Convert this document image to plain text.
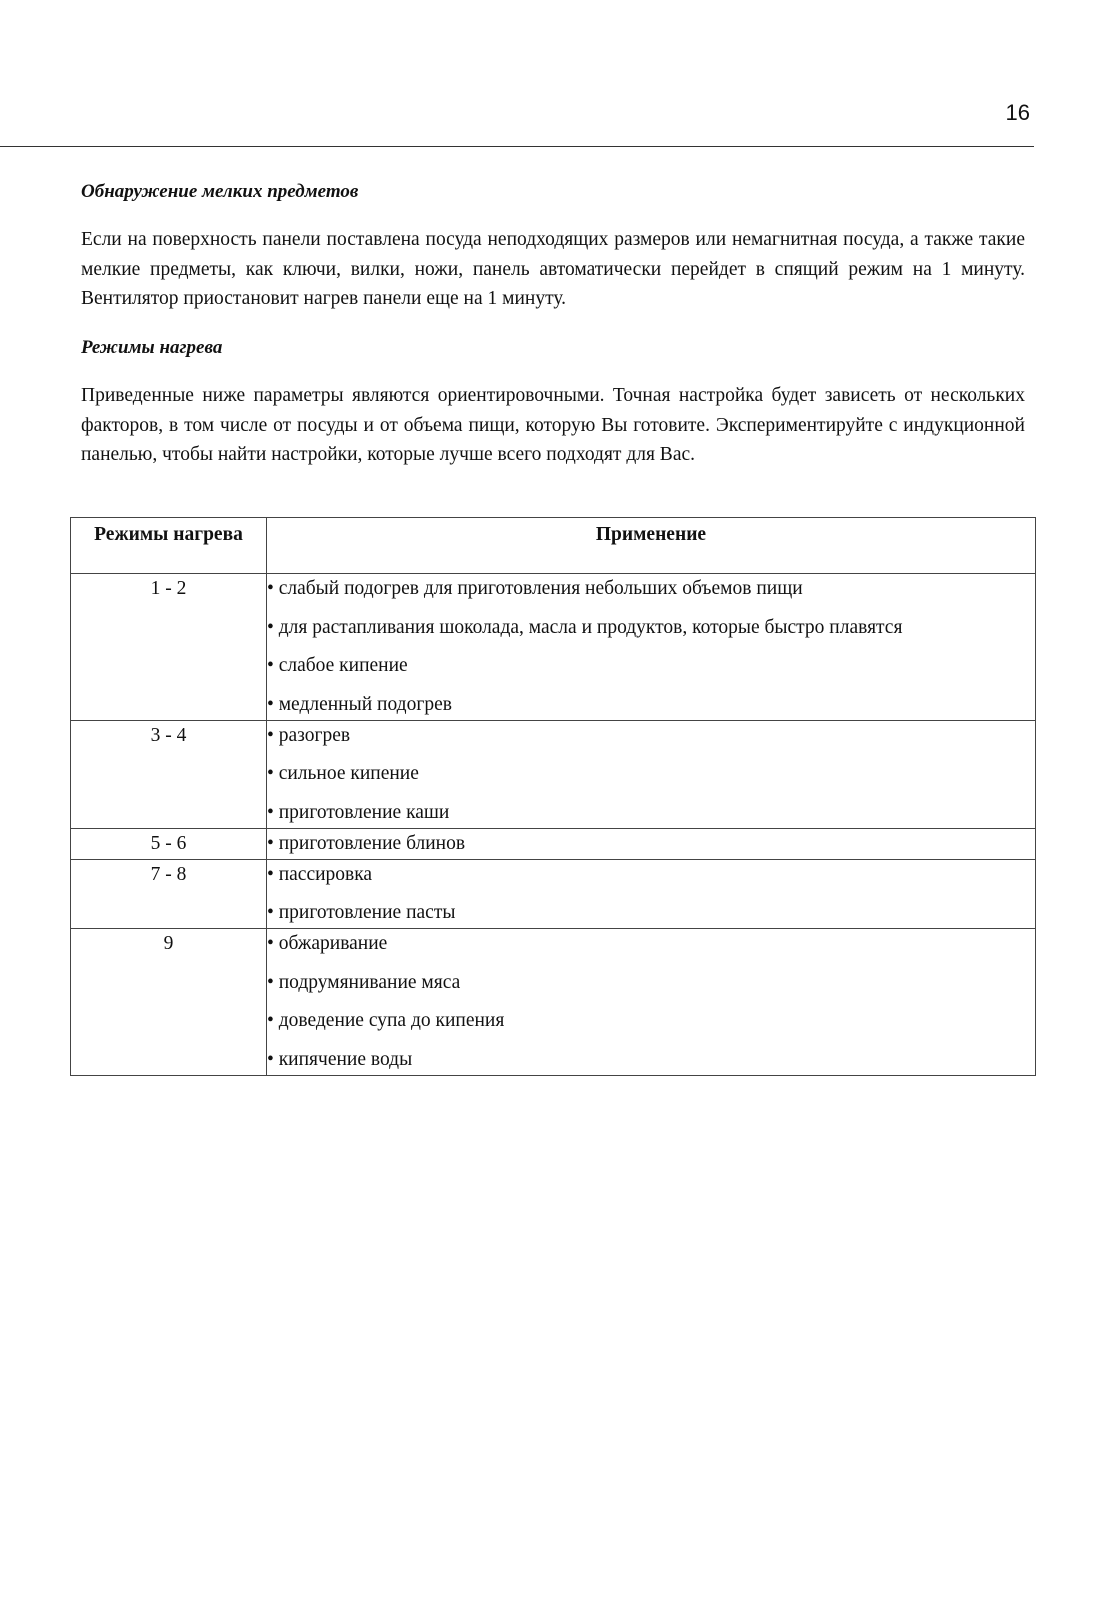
16
Обнаружение мелких предметов
Если на поверхность панели поставлена посуда неподходящих размеров или немагнитная посуда, а также такие мелкие предметы, как ключи, вилки, ножи, панель автоматически перейдет в спящий режим на 1 минуту. Вентилятор приостановит нагрев панели еще на 1 минуту.
Режимы нагрева
Приведенные ниже параметры являются ориентировочными. Точная настройка будет зависеть от нескольких факторов, в том числе от посуды и от объема пищи, которую Вы готовите. Экспериментируйте с индукционной панелью, чтобы найти настройки, которые лучше всего подходят для Вас.
Режимы нагрева	Применение
1 - 2	• слабый подогрев для приготовления небольших объемов пищи
• для растапливания шоколада, масла и продуктов, которые быстро плавятся
• слабое кипение
• медленный подогрев

3 - 4	• разогрев
• сильное кипение
• приготовление каши

5 - 6	• приготовление блинов

7 - 8	• пассировка
• приготовление пасты

9	• обжаривание
• подрумянивание мяса
• доведение супа до кипения
• кипячение воды
